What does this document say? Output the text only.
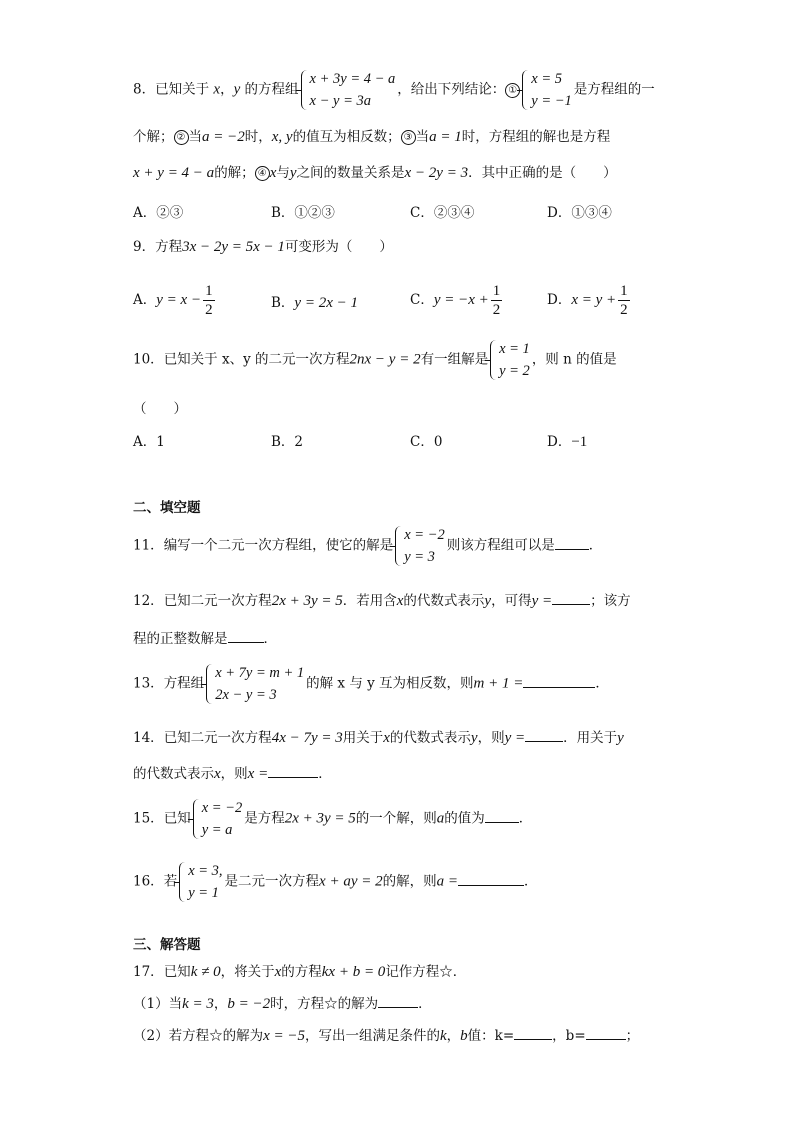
8．已知关于 x，y 的方程组
x + 3y = 4 − a
x − y = 3a
，给出下列结论： ①
x = 5
y = −1
是方程组的一
个解； ② 当a = −2时，x, y的值互为相反数； ③ 当a = 1时，方程组的解也是方程
x + y = 4 − a的解； ④ x与y之间的数量关系是x − 2y = 3．其中正确的是（　　）
A．②③	B．①②③	C．②③④	D．①③④
9．方程3x − 2y = 5x − 1可变形为（　　）
A．$y = x - \frac{1}{2}$	B．y = 2x − 1	C．$y = -x + \frac{1}{2}$	D．$x = y + \frac{1}{2}$
10．已知关于 x、y 的二元一次方程2nx − y = 2有一组解是
x = 1
y = 2
，则 n 的值是
（　　）
A．1	B．2	C．0	D．−1
二、填空题
11．编写一个二元一次方程组，使它的解是
x = −2
y = 3
则该方程组可以是	．
12．已知二元一次方程2x + 3y = 5．若用含x的代数式表示y，可得y =	；该方
程的正整数解是	．
13．方程组
x + 7y = m + 1
2x − y = 3
的解 x 与 y 互为相反数，则m + 1 =	．
14．已知二元一次方程4x − 7y = 3用关于x的代数式表示y，则y =	．用关于y
的代数式表示x，则x =	．
15．已知
x = −2
y = a
是方程2x + 3y = 5的一个解，则a的值为	．
16．若
x = 3,
y = 1
是二元一次方程x + ay = 2的解，则a =	．
三、解答题
17．已知k ≠ 0，将关于x的方程kx + b = 0记作方程☆．
（1）当k = 3，b = −2时，方程☆的解为	．
（2）若方程☆的解为x = −5，写出一组满足条件的k，b值：k=	，b=	；
